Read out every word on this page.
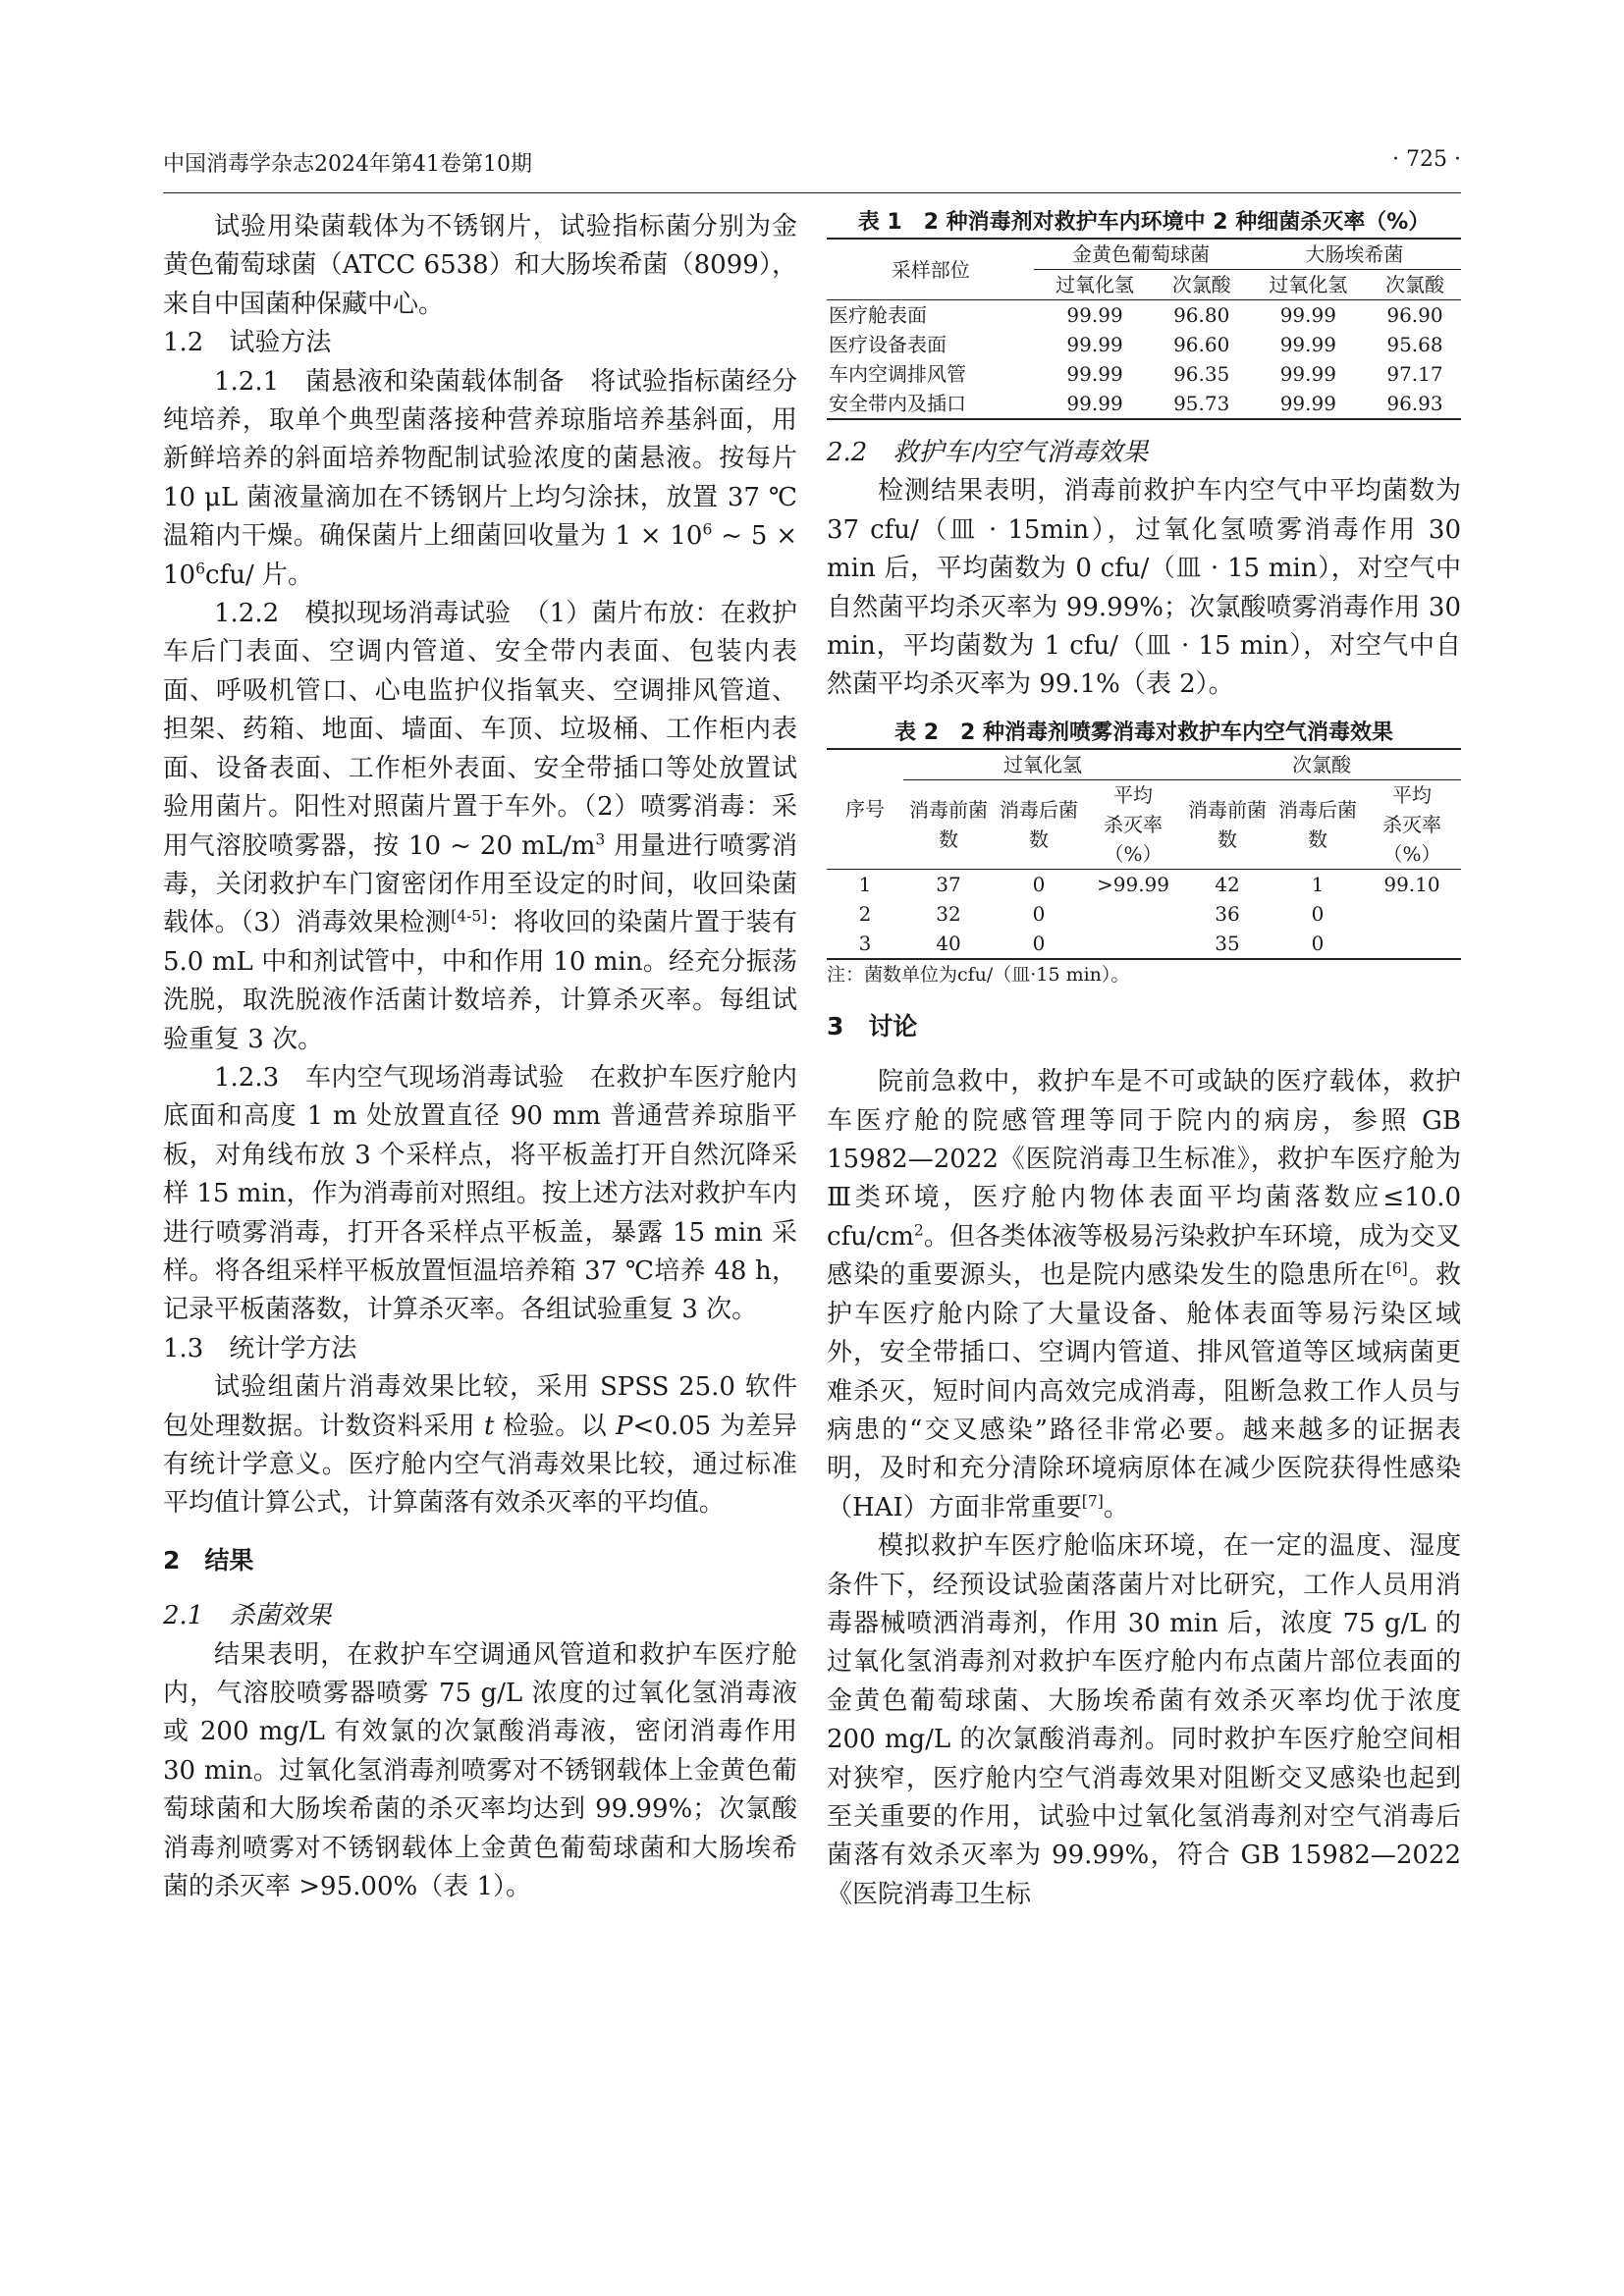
中国消毒学杂志2024年第41卷第10期	· 725 ·

试验用染菌载体为不锈钢片，试验指标菌分别为金黄色葡萄球菌（ATCC 6538）和大肠埃希菌（8099），来自中国菌种保藏中心。

1.2　试验方法

1.2.1　菌悬液和染菌载体制备　将试验指标菌经分纯培养，取单个典型菌落接种营养琼脂培养基斜面，用新鲜培养的斜面培养物配制试验浓度的菌悬液。按每片 10 μL 菌液量滴加在不锈钢片上均匀涂抹，放置 37 ℃温箱内干燥。确保菌片上细菌回收量为 $1 \times 10^6$ ~ $5 \times 10^6cfu/$ 片。

1.2.2　模拟现场消毒试验　（1）菌片布放：在救护车后门表面、空调内管道、安全带内表面、包装内表面、呼吸机管口、心电监护仪指氧夹、空调排风管道、担架、药箱、地面、墙面、车顶、垃圾桶、工作柜内表面、设备表面、工作柜外表面、安全带插口等处放置试验用菌片。阳性对照菌片置于车外。（2）喷雾消毒：采用气溶胶喷雾器，按 10 ~ 20 $mL/m^3$ 用量进行喷雾消毒，关闭救护车门窗密闭作用至设定的时间，收回染菌载体。（3）消毒效果检测[4-5]：将收回的染菌片置于装有 5.0 mL 中和剂试管中，中和作用 10 min。经充分振荡洗脱，取洗脱液作活菌计数培养，计算杀灭率。每组试验重复 3 次。

1.2.3　车内空气现场消毒试验　在救护车医疗舱内底面和高度 1 m 处放置直径 90 mm 普通营养琼脂平板，对角线布放 3 个采样点，将平板盖打开自然沉降采样 15 min，作为消毒前对照组。按上述方法对救护车内进行喷雾消毒，打开各采样点平板盖，暴露 15 min 采样。将各组采样平板放置恒温培养箱 37 ℃培养 48 h，记录平板菌落数，计算杀灭率。各组试验重复 3 次。

1.3　统计学方法

试验组菌片消毒效果比较，采用 SPSS 25.0 软件包处理数据。计数资料采用 t 检验。以 P<0.05 为差异有统计学意义。医疗舱内空气消毒效果比较，通过标准平均值计算公式，计算菌落有效杀灭率的平均值。

2　结果

2.1　杀菌效果

结果表明，在救护车空调通风管道和救护车医疗舱内，气溶胶喷雾器喷雾 75 g/L 浓度的过氧化氢消毒液或 200 mg/L 有效氯的次氯酸消毒液，密闭消毒作用 30 min。过氧化氢消毒剂喷雾对不锈钢载体上金黄色葡萄球菌和大肠埃希菌的杀灭率均达到 99.99%；次氯酸消毒剂喷雾对不锈钢载体上金黄色葡萄球菌和大肠埃希菌的杀灭率 >95.00%（表 1）。

表 1　2 种消毒剂对救护车内环境中 2 种细菌杀灭率（%）
采样部位	金黄色葡萄球菌		大肠埃希菌	
	过氧化氢	次氯酸	过氧化氢	次氯酸
医疗舱表面	99.99	96.80	99.99	96.90
医疗设备表面	99.99	96.60	99.99	95.68
车内空调排风管	99.99	96.35	99.99	97.17
安全带内及插口	99.99	95.73	99.99	96.93

2.2　救护车内空气消毒效果

检测结果表明，消毒前救护车内空气中平均菌数为 37 cfu/（皿 · 15min），过氧化氢喷雾消毒作用 30 min 后，平均菌数为 0 cfu/（皿 · 15 min），对空气中自然菌平均杀灭率为 99.99%；次氯酸喷雾消毒作用 30 min，平均菌数为 1 cfu/（皿 · 15 min），对空气中自然菌平均杀灭率为 99.1%（表 2）。

表 2　2 种消毒剂喷雾消毒对救护车内空气消毒效果
序号	过氧化氢			次氯酸		
	消毒前菌数	消毒后菌数	平均
杀灭率
（%）	消毒前菌数	消毒后菌数	平均
杀灭率
（%）
1	37	0	>99.99	42	1	99.10
2	32	0		36	0	
3	40	0		35	0	
注：菌数单位为cfu/（皿·15 min）。

3　讨论

院前急救中，救护车是不可或缺的医疗载体，救护车医疗舱的院感管理等同于院内的病房，参照 GB 15982—2022《医院消毒卫生标准》，救护车医疗舱为Ⅲ类环境，医疗舱内物体表面平均菌落数应≤10.0 cfu/$cm^2$。但各类体液等极易污染救护车环境，成为交叉感染的重要源头，也是院内感染发生的隐患所在[6]。救护车医疗舱内除了大量设备、舱体表面等易污染区域外，安全带插口、空调内管道、排风管道等区域病菌更难杀灭，短时间内高效完成消毒，阻断急救工作人员与病患的“交叉感染”路径非常必要。越来越多的证据表明，及时和充分清除环境病原体在减少医院获得性感染（HAI）方面非常重要[7]。

模拟救护车医疗舱临床环境，在一定的温度、湿度条件下，经预设试验菌落菌片对比研究，工作人员用消毒器械喷洒消毒剂，作用 30 min 后，浓度 75 g/L 的过氧化氢消毒剂对救护车医疗舱内布点菌片部位表面的金黄色葡萄球菌、大肠埃希菌有效杀灭率均优于浓度 200 mg/L 的次氯酸消毒剂。同时救护车医疗舱空间相对狭窄，医疗舱内空气消毒效果对阻断交叉感染也起到至关重要的作用，试验中过氧化氢消毒剂对空气消毒后菌落有效杀灭率为 99.99%，符合 GB 15982—2022《医院消毒卫生标
